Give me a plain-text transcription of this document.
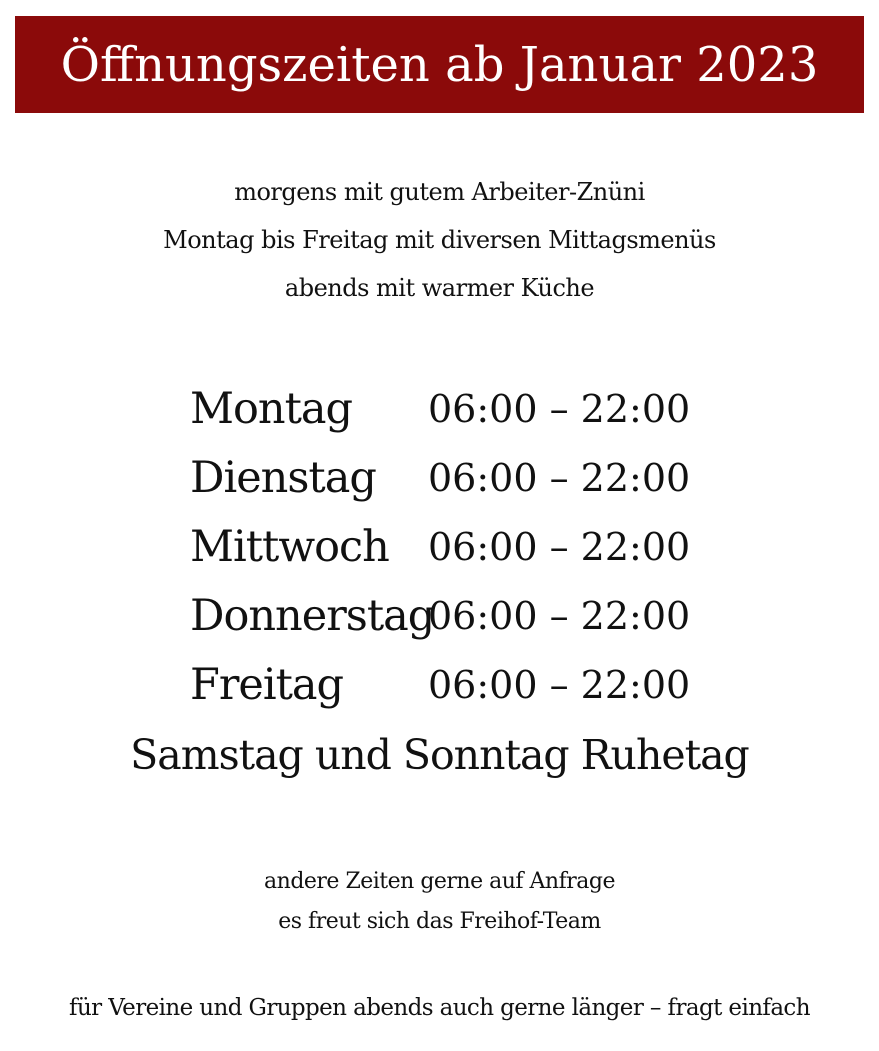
Öffnungszeiten ab Januar 2023
morgens mit gutem Arbeiter-Znüni
Montag bis Freitag mit diversen Mittagsmenüs
abends mit warmer Küche
Montag 06:00 – 22:00
Dienstag 06:00 – 22:00
Mittwoch 06:00 – 22:00
Donnerstag
06:00 – 22:00
Freitag 06:00 – 22:00
Samstag und Sonntag Ruhetag
andere Zeiten gerne auf Anfrage
es freut sich das Freihof-Team
für Vereine und Gruppen abends auch gerne länger – fragt einfach
